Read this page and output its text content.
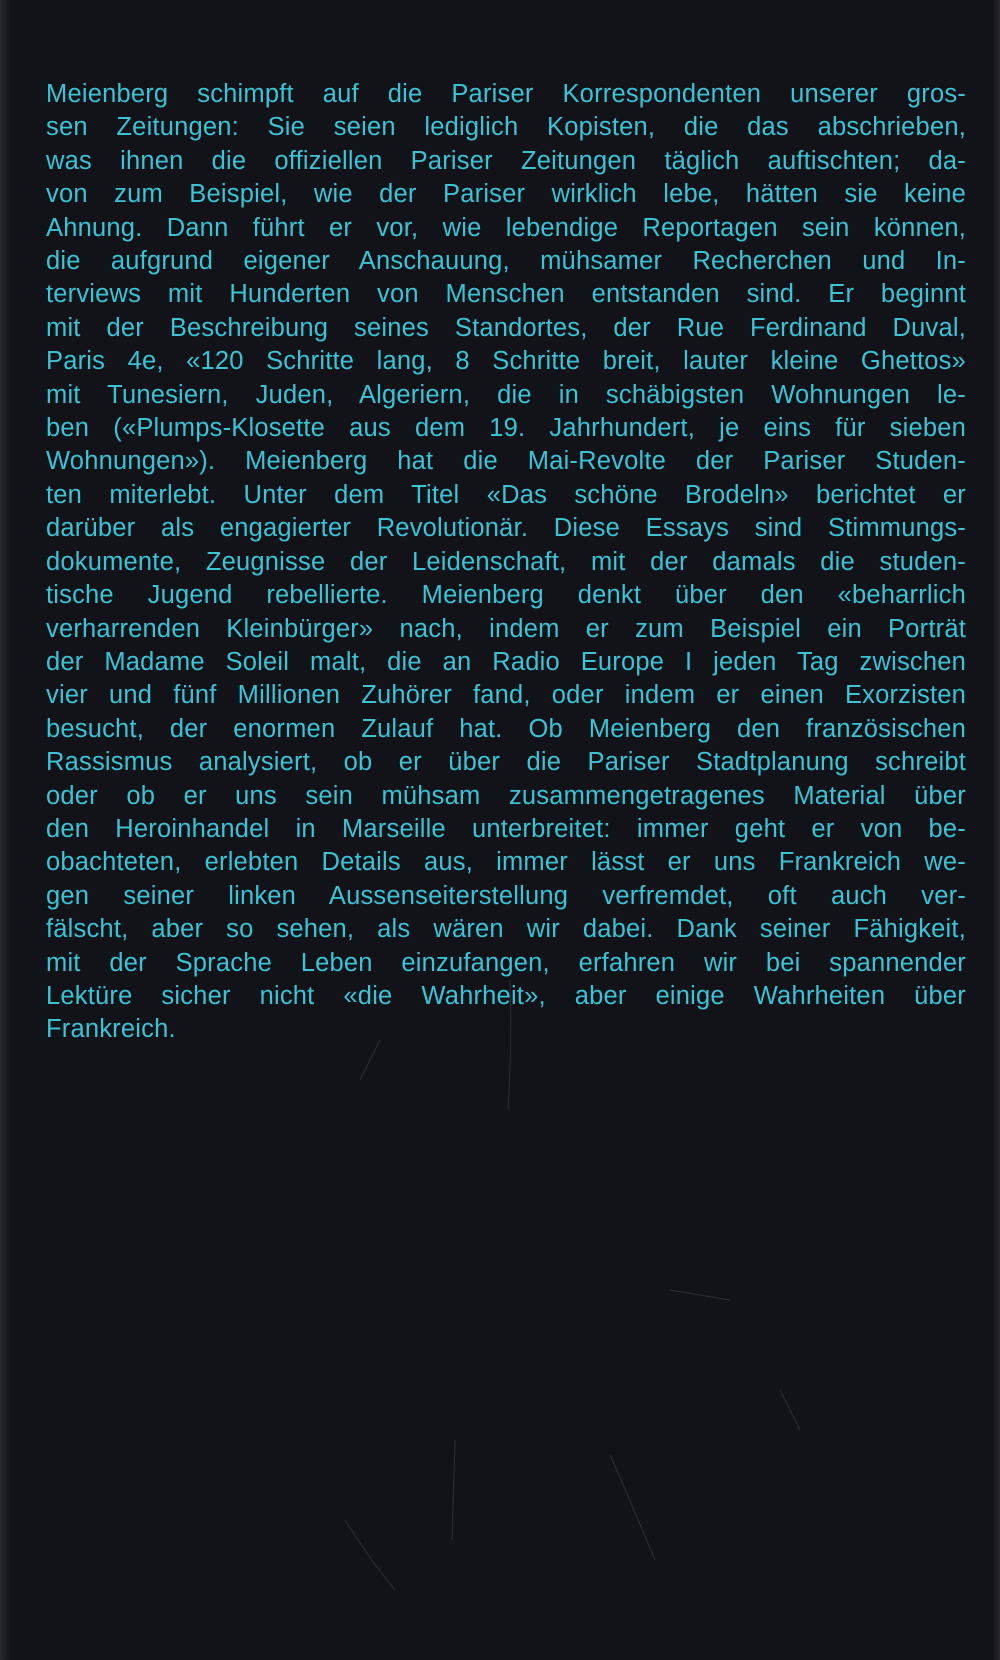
Meienberg schimpft auf die Pariser Korrespondenten unserer gros-
sen Zeitungen: Sie seien lediglich Kopisten, die das abschrieben,
was ihnen die offiziellen Pariser Zeitungen täglich auftischten; da-
von zum Beispiel, wie der Pariser wirklich lebe, hätten sie keine
Ahnung. Dann führt er vor, wie lebendige Reportagen sein können,
die aufgrund eigener Anschauung, mühsamer Recherchen und In-
terviews mit Hunderten von Menschen entstanden sind. Er beginnt
mit der Beschreibung seines Standortes, der Rue Ferdinand Duval,
Paris 4e, «120 Schritte lang, 8 Schritte breit, lauter kleine Ghettos»
mit Tunesiern, Juden, Algeriern, die in schäbigsten Wohnungen le-
ben («Plumps-Klosette aus dem 19. Jahrhundert, je eins für sieben
Wohnungen»). Meienberg hat die Mai-Revolte der Pariser Studen-
ten miterlebt. Unter dem Titel «Das schöne Brodeln» berichtet er
darüber als engagierter Revolutionär. Diese Essays sind Stimmungs-
dokumente, Zeugnisse der Leidenschaft, mit der damals die studen-
tische Jugend rebellierte. Meienberg denkt über den «beharrlich
verharrenden Kleinbürger» nach, indem er zum Beispiel ein Porträt
der Madame Soleil malt, die an Radio Europe I jeden Tag zwischen
vier und fünf Millionen Zuhörer fand, oder indem er einen Exorzisten
besucht, der enormen Zulauf hat. Ob Meienberg den französischen
Rassismus analysiert, ob er über die Pariser Stadtplanung schreibt
oder ob er uns sein mühsam zusammengetragenes Material über
den Heroinhandel in Marseille unterbreitet: immer geht er von be-
obachteten, erlebten Details aus, immer lässt er uns Frankreich we-
gen seiner linken Aussenseiterstellung verfremdet, oft auch ver-
fälscht, aber so sehen, als wären wir dabei. Dank seiner Fähigkeit,
mit der Sprache Leben einzufangen, erfahren wir bei spannender
Lektüre sicher nicht «die Wahrheit», aber einige Wahrheiten über
Frankreich.
